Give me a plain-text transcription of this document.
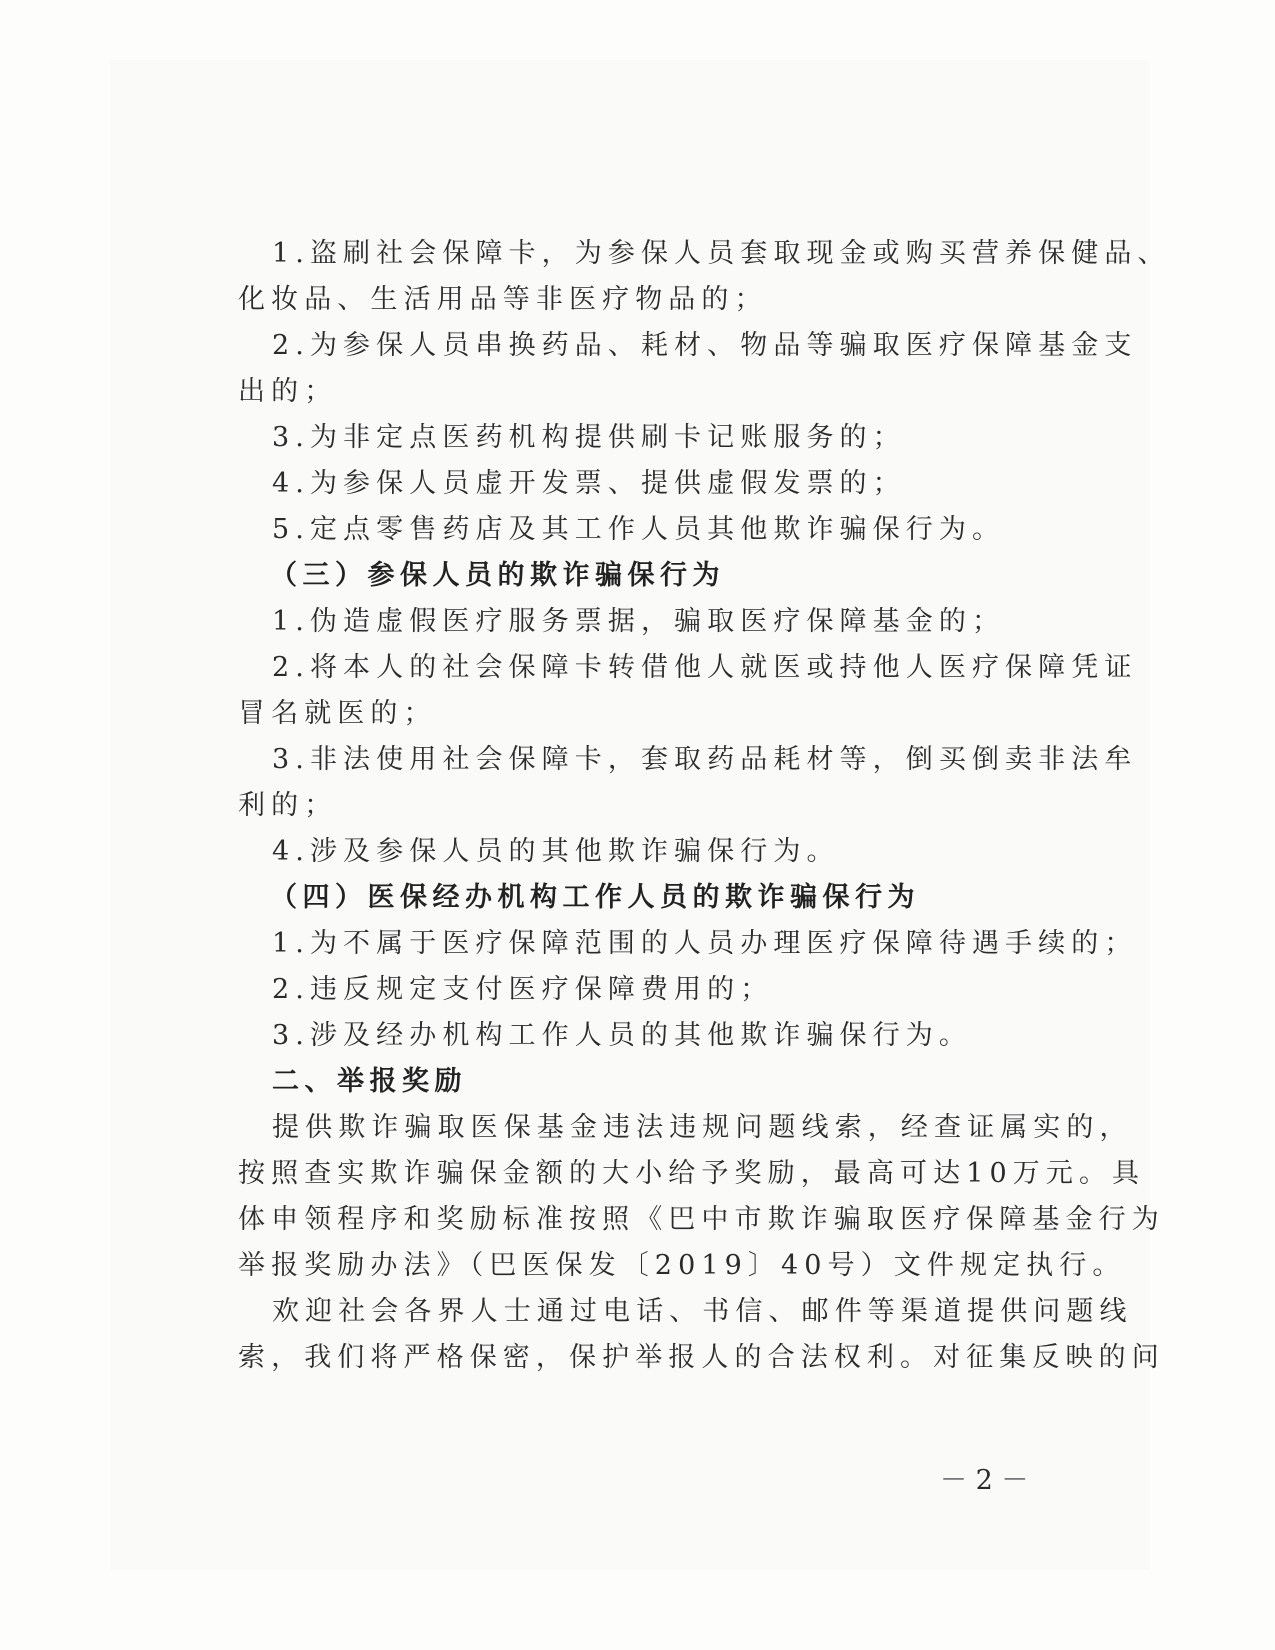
1.盗刷社会保障卡，为参保人员套取现金或购买营养保健品、
化妆品、生活用品等非医疗物品的；
2.为参保人员串换药品、耗材、物品等骗取医疗保障基金支
出的；
3.为非定点医药机构提供刷卡记账服务的；
4.为参保人员虚开发票、提供虚假发票的；
5.定点零售药店及其工作人员其他欺诈骗保行为。
（三）参保人员的欺诈骗保行为
1.伪造虚假医疗服务票据，骗取医疗保障基金的；
2.将本人的社会保障卡转借他人就医或持他人医疗保障凭证
冒名就医的；
3.非法使用社会保障卡，套取药品耗材等，倒买倒卖非法牟
利的；
4.涉及参保人员的其他欺诈骗保行为。
（四）医保经办机构工作人员的欺诈骗保行为
1.为不属于医疗保障范围的人员办理医疗保障待遇手续的；
2.违反规定支付医疗保障费用的；
3.涉及经办机构工作人员的其他欺诈骗保行为。
二、举报奖励
提供欺诈骗取医保基金违法违规问题线索，经查证属实的，
按照查实欺诈骗保金额的大小给予奖励，最高可达10万元。具
体申领程序和奖励标准按照《巴中市欺诈骗取医疗保障基金行为
举报奖励办法》（巴医保发〔2019〕40号）文件规定执行。
欢迎社会各界人士通过电话、书信、邮件等渠道提供问题线
索，我们将严格保密，保护举报人的合法权利。对征集反映的问
－ 2 －
